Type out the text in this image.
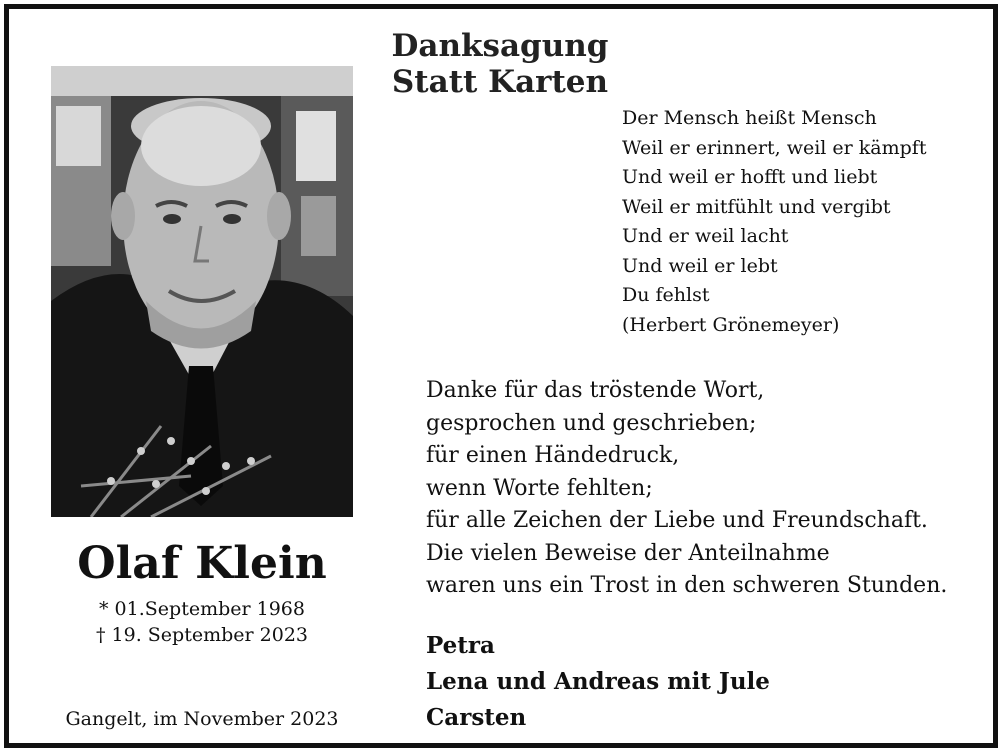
Danksagung
Statt Karten
Olaf Klein
* 01.September 1968
† 19. September 2023
Gangelt, im November 2023
Der Mensch heißt Mensch
Weil er erinnert, weil er kämpft
Und weil er hofft und liebt
Weil er mitfühlt und vergibt
Und er weil lacht
Und weil er lebt
Du fehlst
(Herbert Grönemeyer)
Danke für das tröstende Wort,
gesprochen und geschrieben;
für einen Händedruck,
wenn Worte fehlten;
für alle Zeichen der Liebe und Freundschaft.
Die vielen Beweise der Anteilnahme
waren uns ein Trost in den schweren Stunden.
Petra
Lena und Andreas mit Jule
Carsten
